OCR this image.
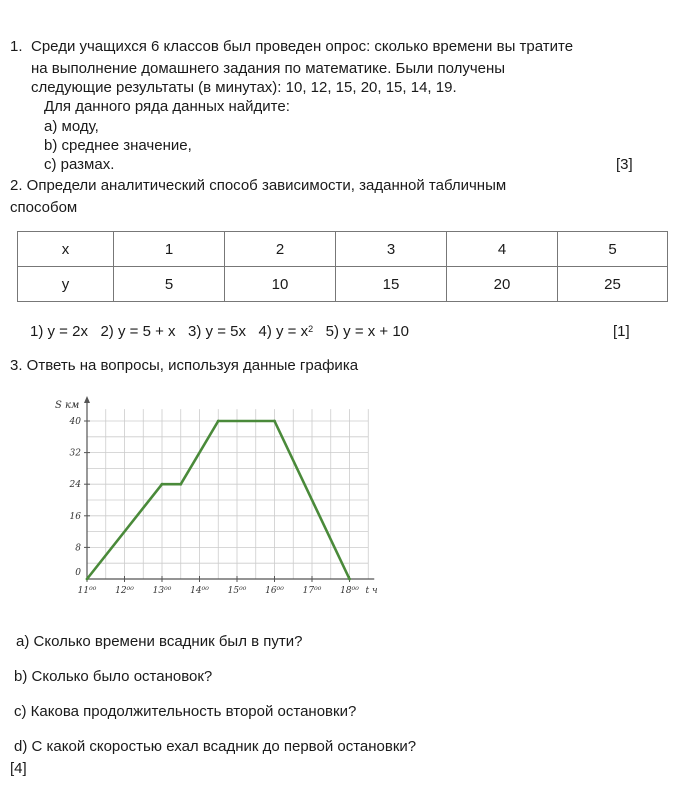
1. Среди учащихся 6 классов был проведен опрос: сколько времени вы тратите
на выполнение домашнего задания по математике. Были получены
следующие результаты (в минутах): 10, 12, 15, 20, 15, 14, 19.
Для данного ряда данных найдите:
а) моду,
b) среднее значение,
с) размах.	[3]
2. Определи аналитический способ зависимости, заданной табличным
способом
x	1	2	3	4	5
y	5	10	15	20	25
1) y = 2x 2) y = 5 + x 3) y = 5x 4) $y = x^2$ 5) y = x + 10	[1]
3. Ответь на вопросы, используя данные графика
0
8
16
24
32
40
11⁰⁰ 12⁰⁰ 13⁰⁰ 14⁰⁰ 15⁰⁰ 16⁰⁰ 17⁰⁰ 18⁰⁰
S км
t ч
а) Сколько времени всадник был в пути?
b) Сколько было остановок?
с) Какова продолжительность второй остановки?
d) С какой скоростью ехал всадник до первой остановки?
[4]
